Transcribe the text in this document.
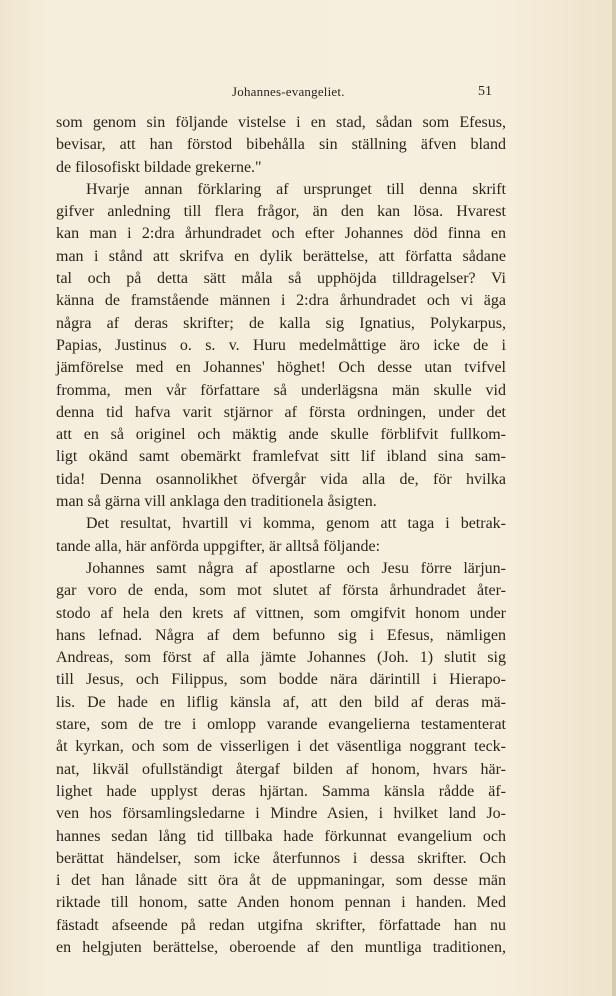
Johannes-evangeliet.	51
som genom sin följande vistelse i en stad, sådan som Efesus,
bevisar, att han förstod bibehålla sin ställning äfven bland
de filosofiskt bildade grekerne."
Hvarje annan förklaring af ursprunget till denna skrift
gifver anledning till flera frågor, än den kan lösa. Hvarest
kan man i 2:dra århundradet och efter Johannes död finna en
man i stånd att skrifva en dylik berättelse, att författa sådane
tal och på detta sätt måla så upphöjda tilldragelser? Vi
känna de framstående männen i 2:dra århundradet och vi äga
några af deras skrifter; de kalla sig Ignatius, Polykarpus,
Papias, Justinus o. s. v. Huru medelmåttige äro icke de i
jämförelse med en Johannes' höghet! Och desse utan tvifvel
fromma, men vår författare så underlägsna män skulle vid
denna tid hafva varit stjärnor af första ordningen, under det
att en så originel och mäktig ande skulle förblifvit fullkom-
ligt okänd samt obemärkt framlefvat sitt lif ibland sina sam-
tida! Denna osannolikhet öfvergår vida alla de, för hvilka
man så gärna vill anklaga den traditionela åsigten.
Det resultat, hvartill vi komma, genom att taga i betrak-
tande alla, här anförda uppgifter, är alltså följande:
Johannes samt några af apostlarne och Jesu förre lärjun-
gar voro de enda, som mot slutet af första århundradet åter-
stodo af hela den krets af vittnen, som omgifvit honom under
hans lefnad. Några af dem befunno sig i Efesus, nämligen
Andreas, som först af alla jämte Johannes (Joh. 1) slutit sig
till Jesus, och Filippus, som bodde nära därintill i Hierapo-
lis. De hade en liflig känsla af, att den bild af deras mä-
stare, som de tre i omlopp varande evangelierna testamenterat
åt kyrkan, och som de visserligen i det väsentliga noggrant teck-
nat, likväl ofullständigt återgaf bilden af honom, hvars här-
lighet hade upplyst deras hjärtan. Samma känsla rådde äf-
ven hos församlingsledarne i Mindre Asien, i hvilket land Jo-
hannes sedan lång tid tillbaka hade förkunnat evangelium och
berättat händelser, som icke återfunnos i dessa skrifter. Och
i det han lånade sitt öra åt de uppmaningar, som desse män
riktade till honom, satte Anden honom pennan i handen. Med
fästadt afseende på redan utgifna skrifter, författade han nu
en helgjuten berättelse, oberoende af den muntliga traditionen,
